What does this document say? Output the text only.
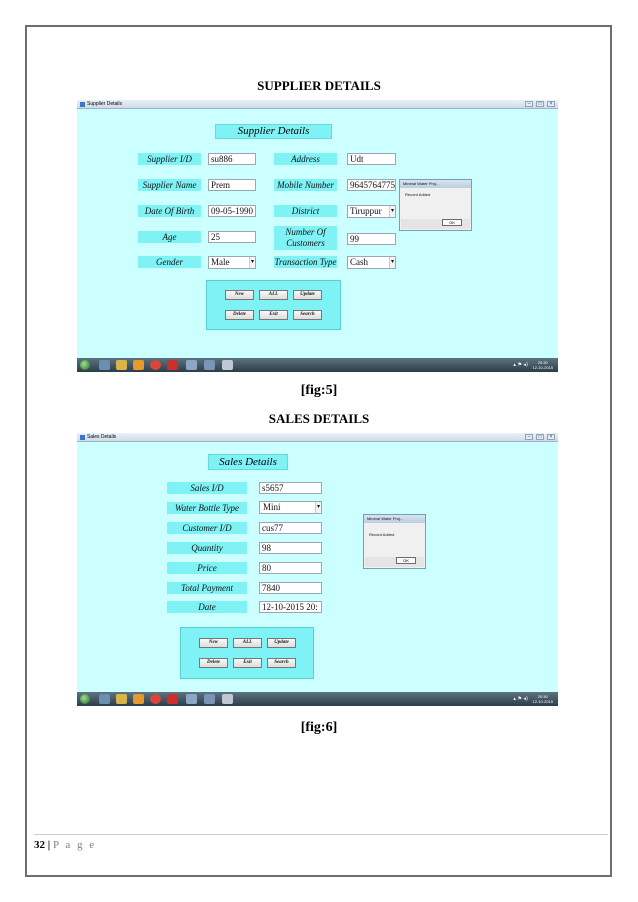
SUPPLIER DETAILS
Supplier Details	–	□	×
Supplier Details
Supplier I/D	su886
Supplier Name	Prem
Date Of Birth	09-05-1990
Age	25
Gender	Male	▾
Address	Udt
Mobile Number	9645764775
District	Tiruppur	▾
Number Of Customers	99
Transaction Type	Cash	▾
New	ALL	Update
Delete	Exit	Search
Mineral Water Proj...
Record Added
OK
▴ ⚑ ◂)	20:30
12-10-2015
[fig:5]
SALES DETAILS
Sales Details	–	□	×
Sales Details
Sales I/D	s5657
Water Bottle Type	Mini	▾
Customer I/D	cus77
Quantity	98
Price	80
Total Payment	7840
Date	12-10-2015 20:
New	ALL	Update
Delete	Exit	Search
Mineral Water Proj...
Record Added
OK
▴ ⚑ ◂)	20:30
12-10-2015
[fig:6]
32 | P a g e
